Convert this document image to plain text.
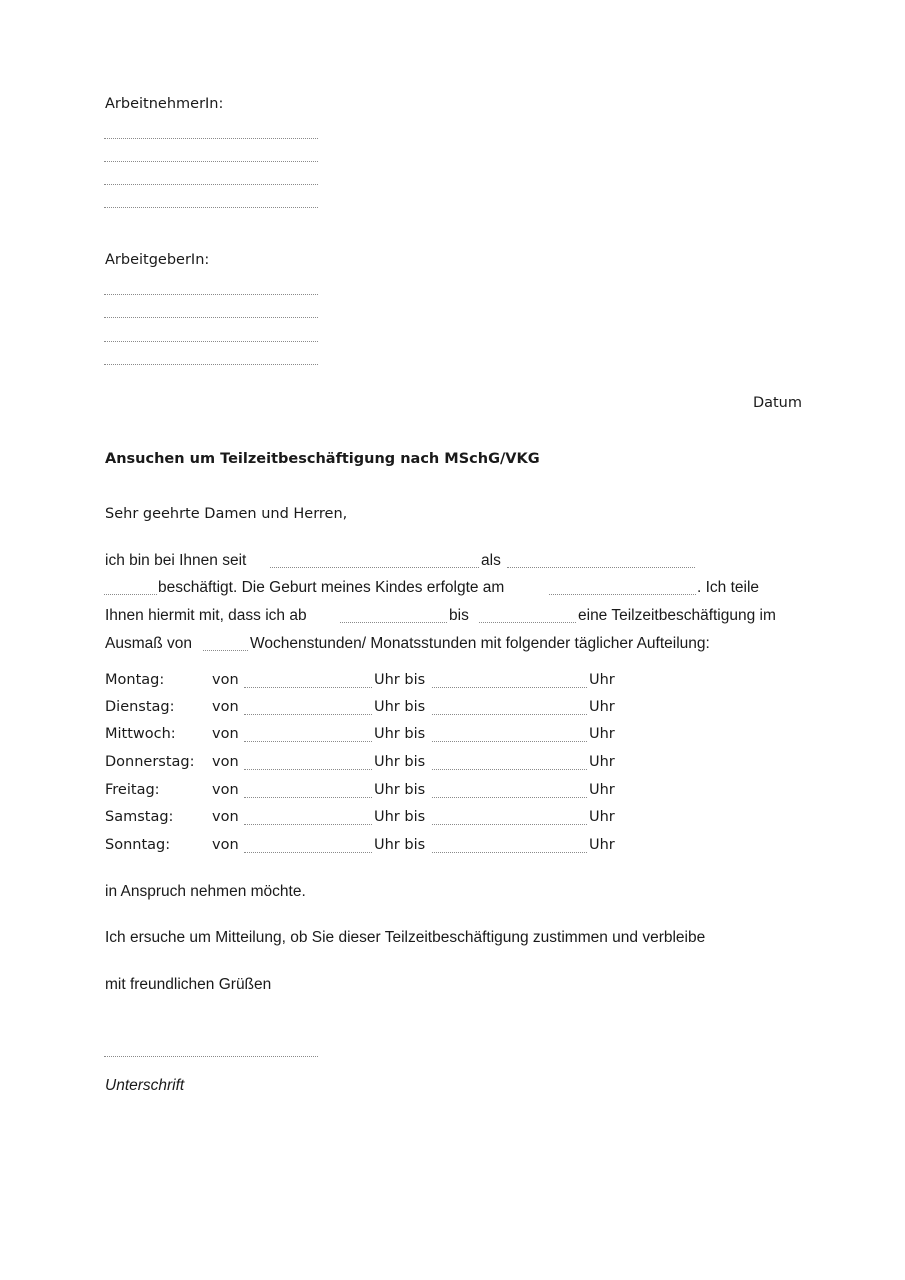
ArbeitnehmerIn:
ArbeitgeberIn:
Datum
Ansuchen um Teilzeitbeschäftigung nach MSchG/VKG
Sehr geehrte Damen und Herren,
ich bin bei Ihnen seit	als
beschäftigt. Die Geburt meines Kindes erfolgte am	. Ich teile
Ihnen hiermit mit, dass ich ab	bis	eine Teilzeitbeschäftigung im
Ausmaß von	Wochenstunden/ Monatsstunden mit folgender täglicher Aufteilung:
Montag:	von	Uhr bis	Uhr
Dienstag:	von	Uhr bis	Uhr
Mittwoch:	von	Uhr bis	Uhr
Donnerstag: von	Uhr bis	Uhr
Freitag:	von	Uhr bis	Uhr
Samstag:	von	Uhr bis	Uhr
Sonntag:	von	Uhr bis	Uhr
in Anspruch nehmen möchte.
Ich ersuche um Mitteilung, ob Sie dieser Teilzeitbeschäftigung zustimmen und verbleibe
mit freundlichen Grüßen
Unterschrift
